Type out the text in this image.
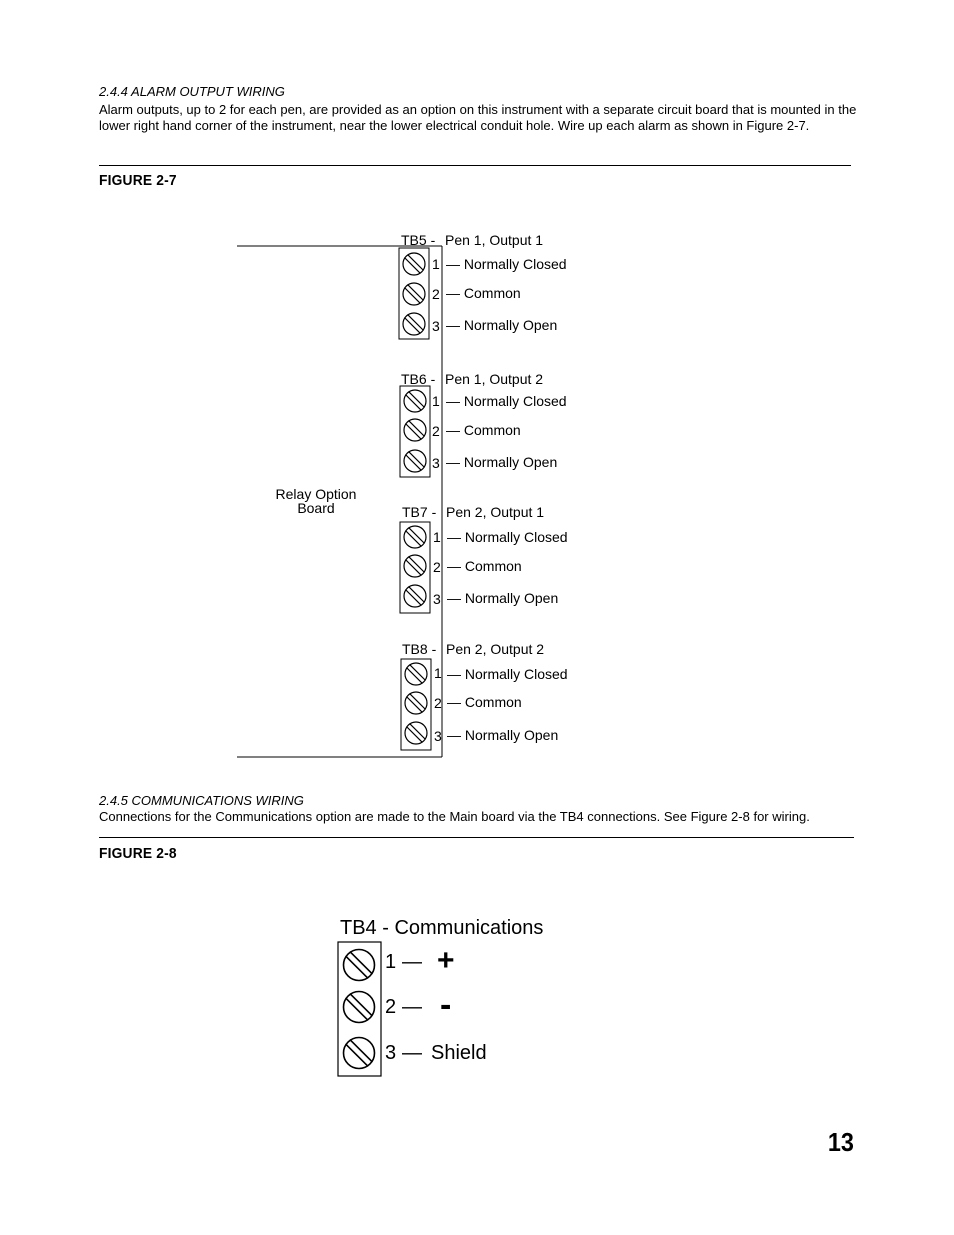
2.4.4 ALARM OUTPUT WIRING
Alarm outputs, up to 2 for each pen, are provided as an option on this instrument with a separate circuit board that is mounted in the lower right hand corner of the instrument, near the lower electrical conduit hole. Wire up each alarm as shown in Figure 2-7.
FIGURE 2-7
Relay Option
Board
TB5 - Pen 1, Output 1
1 — Normally Closed
2 — Common
3 — Normally Open
TB6 - Pen 1, Output 2
1 — Normally Closed
2 — Common
3 — Normally Open
TB7 - Pen 2, Output 1
1 — Normally Closed
2 — Common
3 — Normally Open
TB8 - Pen 2, Output 2
1 — Normally Closed
2 — Common
3 — Normally Open
2.4.5 COMMUNICATIONS WIRING
Connections for the Communications option are made to the Main board via the TB4 connections. See Figure 2-8 for wiring.
FIGURE 2-8
TB4 - Communications
1
2
3
—
—
—
+
-
Shield
13
